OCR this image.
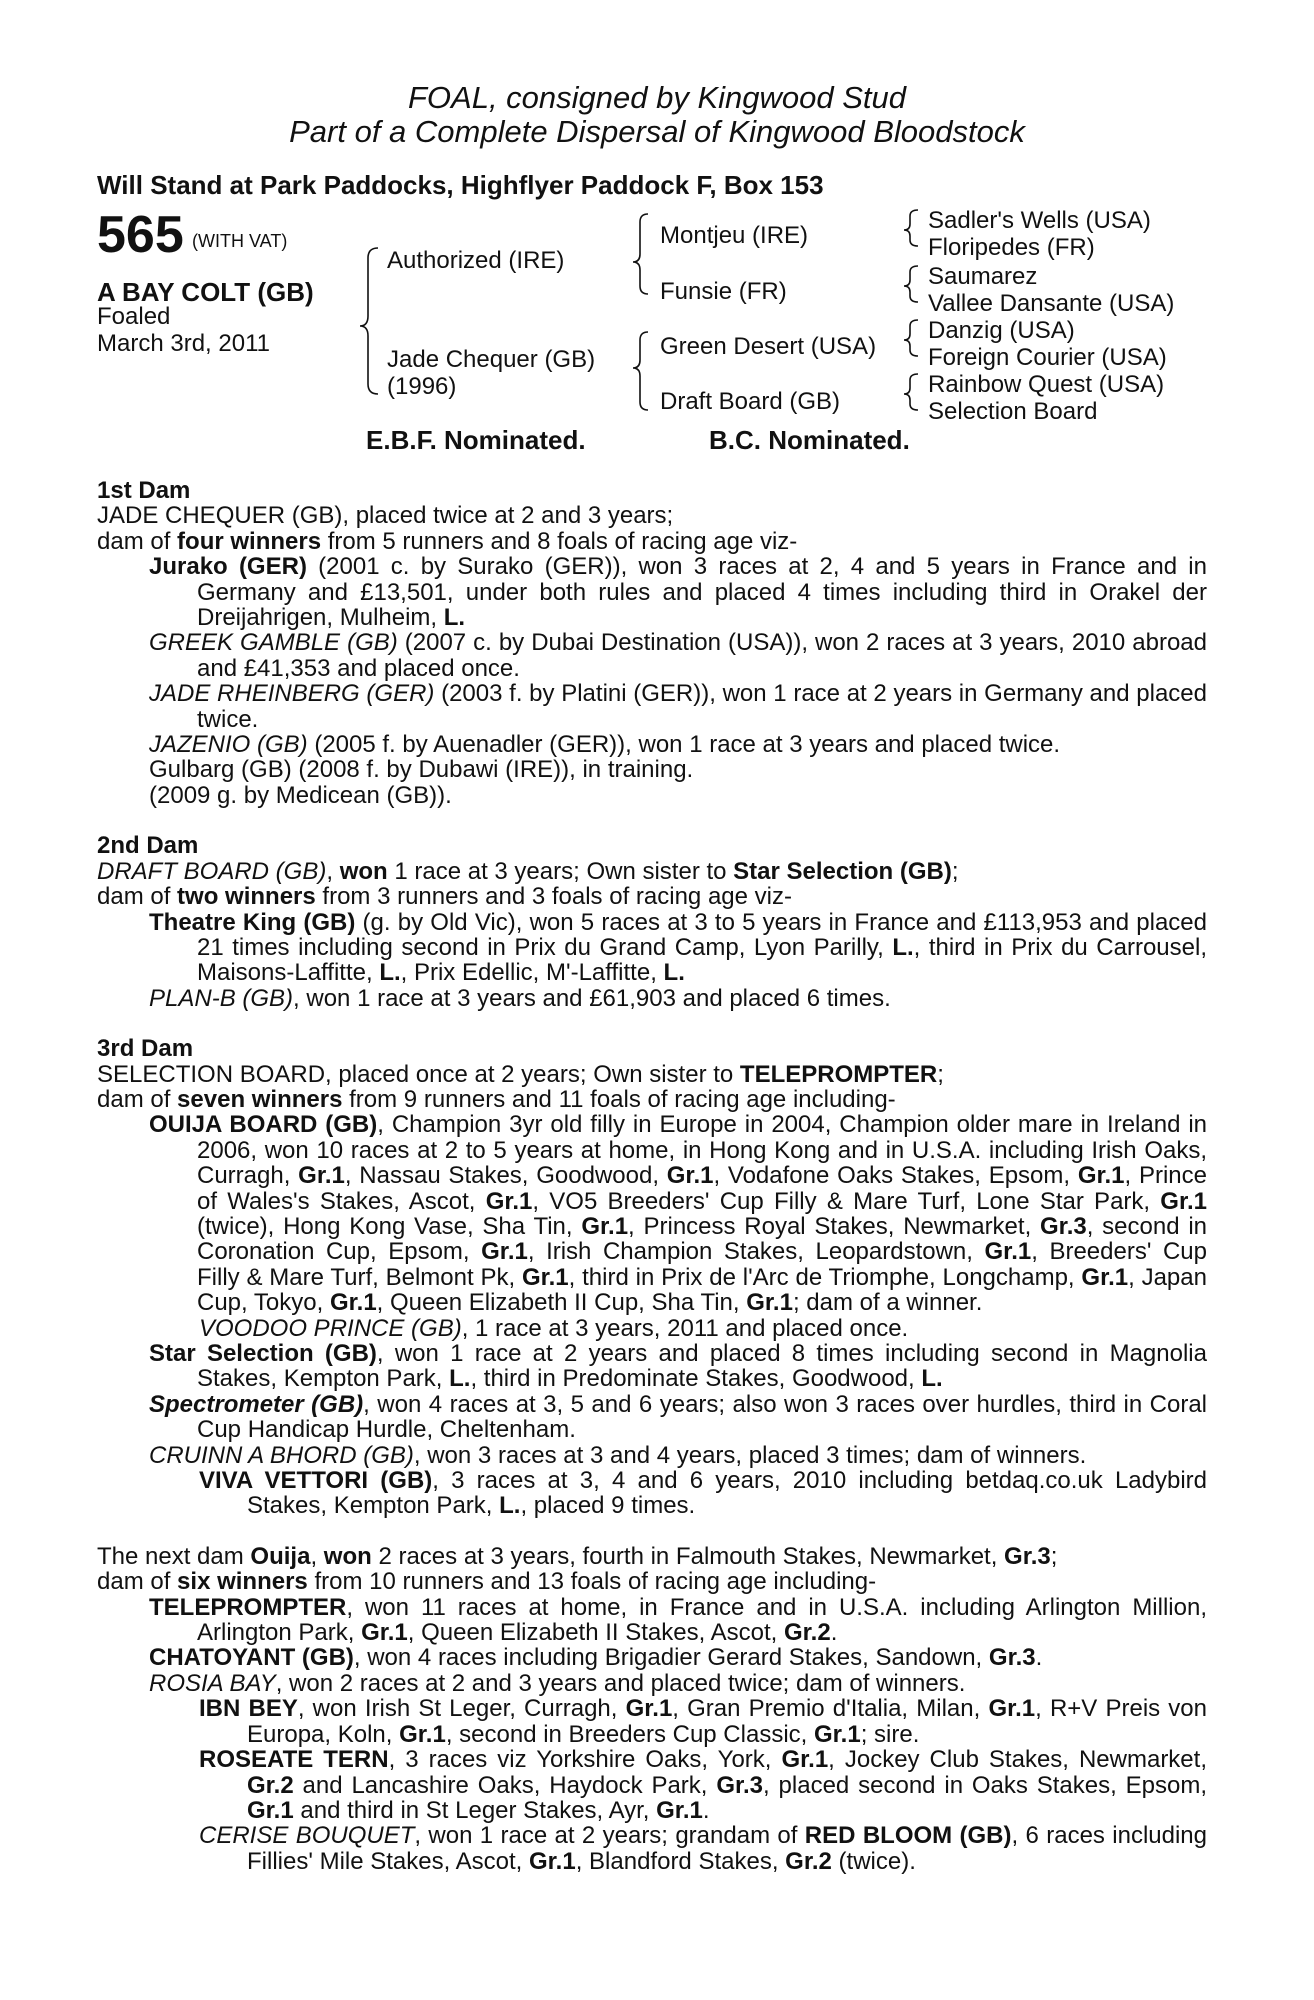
FOAL, consigned by Kingwood Stud
Part of a Complete Dispersal of Kingwood Bloodstock
Will Stand at Park Paddocks, Highflyer Paddock F, Box 153
565 (WITH VAT)
A BAY COLT (GB)
Foaled
March 3rd, 2011
Authorized (IRE)
Jade Chequer (GB)
(1996)
Montjeu (IRE)
Funsie (FR)
Green Desert (USA)
Draft Board (GB)
Sadler's Wells (USA)
Floripedes (FR)
Saumarez
Vallee Dansante (USA)
Danzig (USA)
Foreign Courier (USA)
Rainbow Quest (USA)
Selection Board
E.B.F. Nominated.	B.C. Nominated.
1st Dam
JADE CHEQUER (GB), placed twice at 2 and 3 years;
dam of four winners from 5 runners and 8 foals of racing age viz-
Jurako (GER) (2001 c. by Surako (GER)), won 3 races at 2, 4 and 5 years in France and in Germany and £13,501, under both rules and placed 4 times including third in Orakel der Dreijahrigen, Mulheim, L.
GREEK GAMBLE (GB) (2007 c. by Dubai Destination (USA)), won 2 races at 3 years, 2010 abroad and £41,353 and placed once.
JADE RHEINBERG (GER) (2003 f. by Platini (GER)), won 1 race at 2 years in Germany and placed twice.
JAZENIO (GB) (2005 f. by Auenadler (GER)), won 1 race at 3 years and placed twice.
Gulbarg (GB) (2008 f. by Dubawi (IRE)), in training.
(2009 g. by Medicean (GB)).
2nd Dam
DRAFT BOARD (GB), won 1 race at 3 years; Own sister to Star Selection (GB);
dam of two winners from 3 runners and 3 foals of racing age viz-
Theatre King (GB) (g. by Old Vic), won 5 races at 3 to 5 years in France and £113,953 and placed 21 times including second in Prix du Grand Camp, Lyon Parilly, L., third in Prix du Carrousel, Maisons-Laffitte, L., Prix Edellic, M'-Laffitte, L.
PLAN-B (GB), won 1 race at 3 years and £61,903 and placed 6 times.
3rd Dam
SELECTION BOARD, placed once at 2 years; Own sister to TELEPROMPTER;
dam of seven winners from 9 runners and 11 foals of racing age including-
OUIJA BOARD (GB), Champion 3yr old filly in Europe in 2004, Champion older mare in Ireland in 2006, won 10 races at 2 to 5 years at home, in Hong Kong and in U.S.A. including Irish Oaks, Curragh, Gr.1, Nassau Stakes, Goodwood, Gr.1, Vodafone Oaks Stakes, Epsom, Gr.1, Prince of Wales's Stakes, Ascot, Gr.1, VO5 Breeders' Cup Filly & Mare Turf, Lone Star Park, Gr.1 (twice), Hong Kong Vase, Sha Tin, Gr.1, Princess Royal Stakes, Newmarket, Gr.3, second in Coronation Cup, Epsom, Gr.1, Irish Champion Stakes, Leopardstown, Gr.1, Breeders' Cup Filly & Mare Turf, Belmont Pk, Gr.1, third in Prix de l'Arc de Triomphe, Longchamp, Gr.1, Japan Cup, Tokyo, Gr.1, Queen Elizabeth II Cup, Sha Tin, Gr.1; dam of a winner.
VOODOO PRINCE (GB), 1 race at 3 years, 2011 and placed once.
Star Selection (GB), won 1 race at 2 years and placed 8 times including second in Magnolia Stakes, Kempton Park, L., third in Predominate Stakes, Goodwood, L.
Spectrometer (GB), won 4 races at 3, 5 and 6 years; also won 3 races over hurdles, third in Coral Cup Handicap Hurdle, Cheltenham.
CRUINN A BHORD (GB), won 3 races at 3 and 4 years, placed 3 times; dam of winners.
VIVA VETTORI (GB), 3 races at 3, 4 and 6 years, 2010 including betdaq.co.uk Ladybird Stakes, Kempton Park, L., placed 9 times.
The next dam Ouija, won 2 races at 3 years, fourth in Falmouth Stakes, Newmarket, Gr.3;
dam of six winners from 10 runners and 13 foals of racing age including-
TELEPROMPTER, won 11 races at home, in France and in U.S.A. including Arlington Million, Arlington Park, Gr.1, Queen Elizabeth II Stakes, Ascot, Gr.2.
CHATOYANT (GB), won 4 races including Brigadier Gerard Stakes, Sandown, Gr.3.
ROSIA BAY, won 2 races at 2 and 3 years and placed twice; dam of winners.
IBN BEY, won Irish St Leger, Curragh, Gr.1, Gran Premio d'Italia, Milan, Gr.1, R+V Preis von Europa, Koln, Gr.1, second in Breeders Cup Classic, Gr.1; sire.
ROSEATE TERN, 3 races viz Yorkshire Oaks, York, Gr.1, Jockey Club Stakes, Newmarket, Gr.2 and Lancashire Oaks, Haydock Park, Gr.3, placed second in Oaks Stakes, Epsom, Gr.1 and third in St Leger Stakes, Ayr, Gr.1.
CERISE BOUQUET, won 1 race at 2 years; grandam of RED BLOOM (GB), 6 races including Fillies' Mile Stakes, Ascot, Gr.1, Blandford Stakes, Gr.2 (twice).
